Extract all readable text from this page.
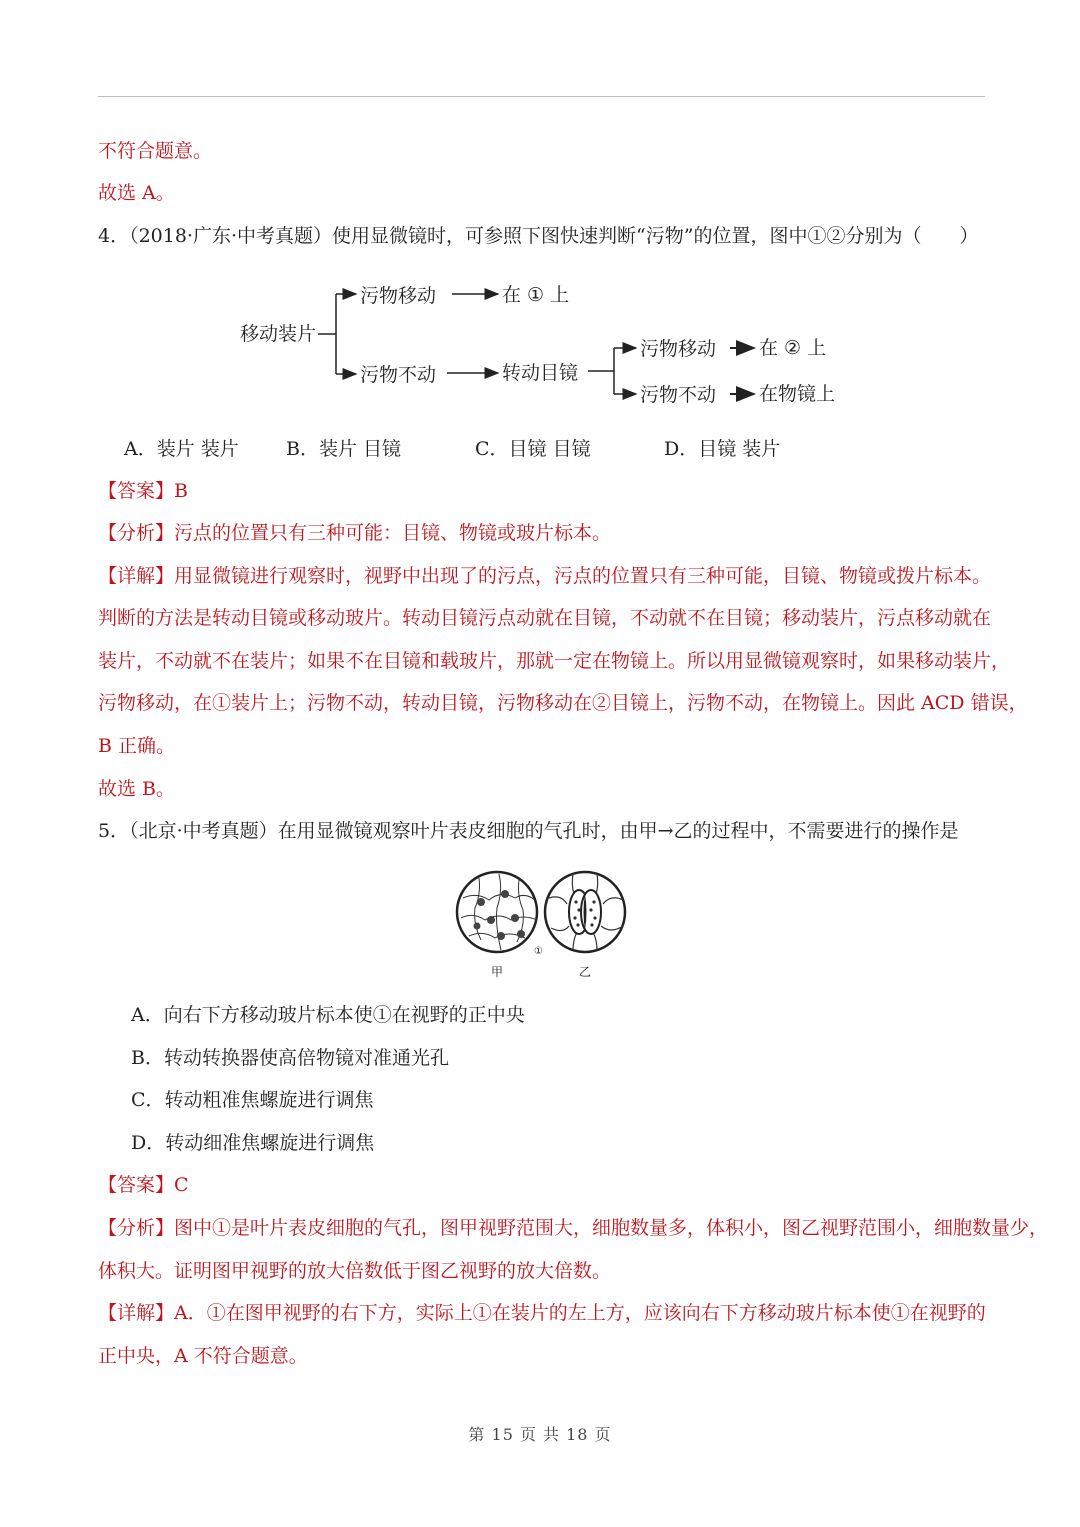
不符合题意。
故选 A。
4．（2018·广东·中考真题）使用显微镜时，可参照下图快速判断“污物”的位置，图中①②分别为（　　）
移动装片
污物移动	在 ① 上
污物不动	转动目镜
污物移动 在 ② 上
污物不动 在物镜上
A．装片 装片 B．装片 目镜	C．目镜 目镜	D．目镜 装片
【答案】B
【分析】污点的位置只有三种可能：目镜、物镜或玻片标本。
【详解】用显微镜进行观察时，视野中出现了的污点，污点的位置只有三种可能，目镜、物镜或拨片标本。
判断的方法是转动目镜或移动玻片。转动目镜污点动就在目镜，不动就不在目镜；移动装片，污点移动就在
装片，不动就不在装片；如果不在目镜和载玻片，那就一定在物镜上。所以用显微镜观察时，如果移动装片，
污物移动，在①装片上；污物不动，转动目镜，污物移动在②目镜上，污物不动，在物镜上。因此 ACD 错误，
B 正确。
故选 B。
5．（北京·中考真题）在用显微镜观察叶片表皮细胞的气孔时，由甲→乙的过程中，不需要进行的操作是
①
甲	乙
A．向右下方移动玻片标本使①在视野的正中央
B．转动转换器使高倍物镜对准通光孔
C．转动粗准焦螺旋进行调焦
D．转动细准焦螺旋进行调焦
【答案】C
【分析】图中①是叶片表皮细胞的气孔，图甲视野范围大，细胞数量多，体积小，图乙视野范围小，细胞数量少，
体积大。证明图甲视野的放大倍数低于图乙视野的放大倍数。
【详解】A．①在图甲视野的右下方，实际上①在装片的左上方，应该向右下方移动玻片标本使①在视野的
正中央，A 不符合题意。
第 15 页 共 18 页
